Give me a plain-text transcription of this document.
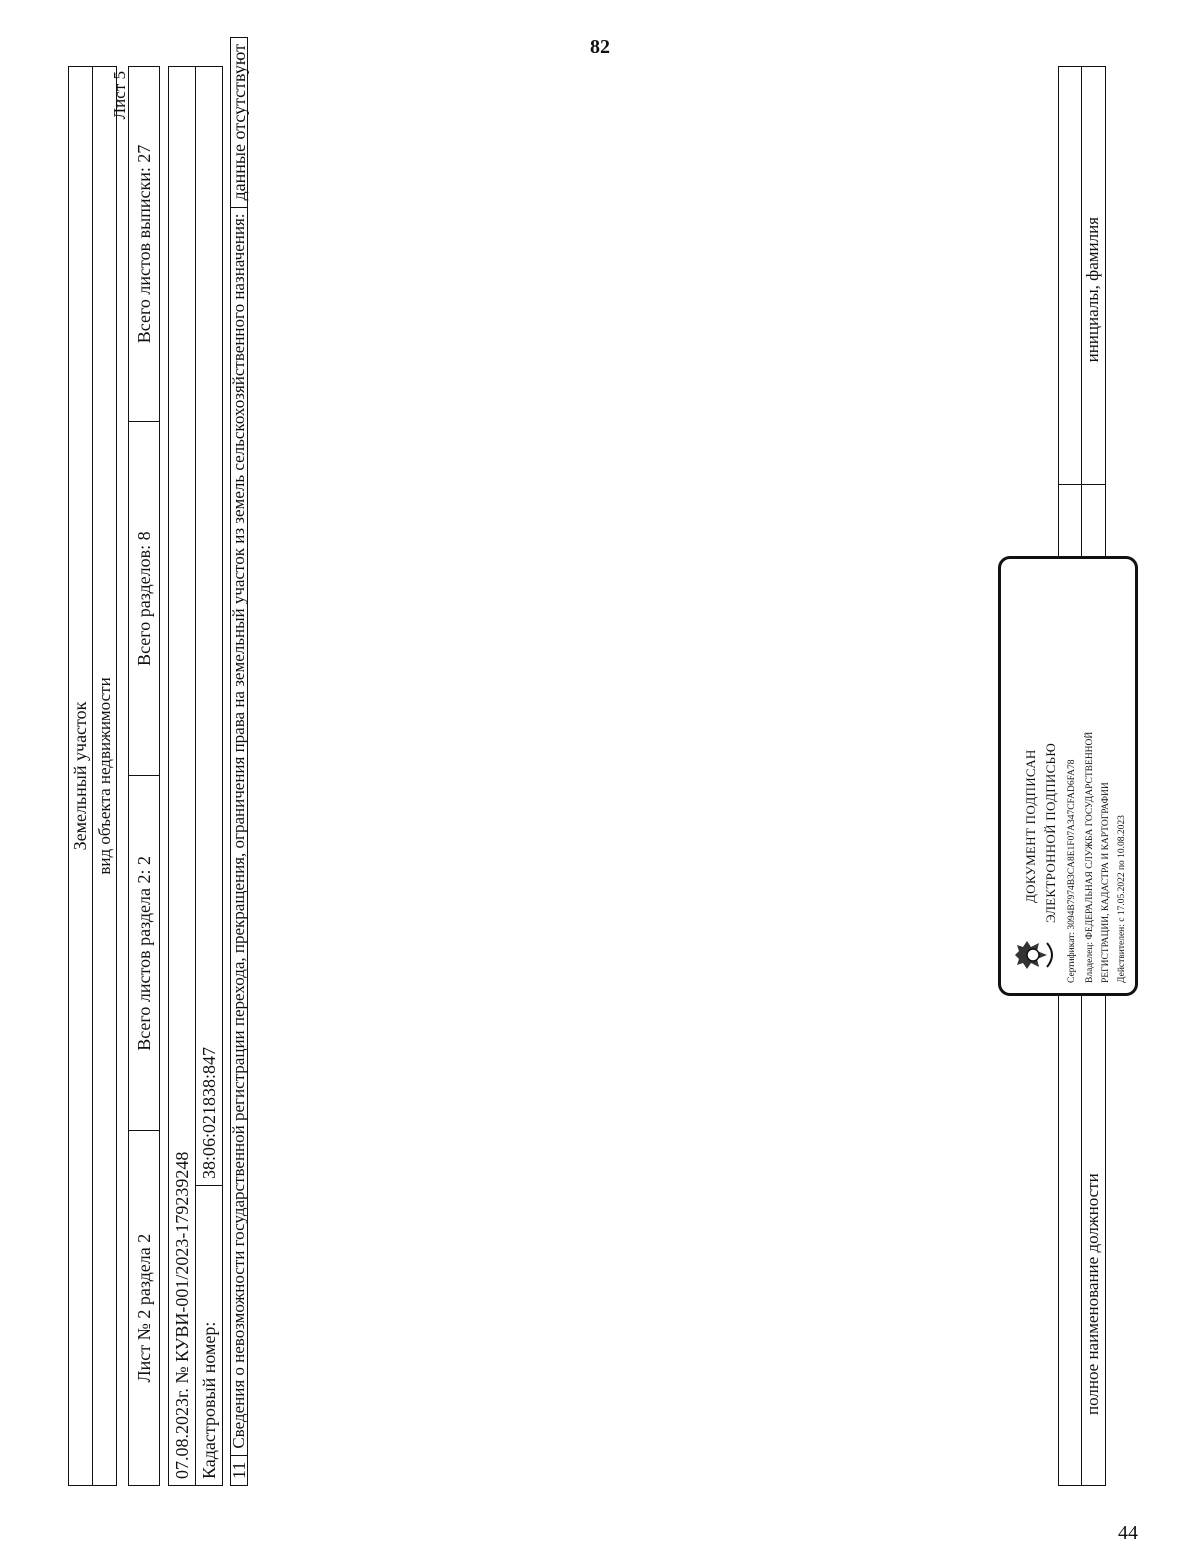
82
44
Лист 5
Земельный участок
вид объекта недвижимости
Лист № 2 раздела 2	Всего листов раздела 2: 2	Всего разделов: 8	Всего листов выписки: 27
07.08.2023г. № КУВИ-001/2023-179239248
Кадастровый номер:	38:06:021838:847
11	Сведения о невозможности государственной регистрации перехода, прекращения, ограничения права на земельный участок из земель сельскохозяйственного назначения:	данные отсутствуют
полное наименование должности
инициалы, фамилия
ДОКУМЕНТ ПОДПИСАН ЭЛЕКТРОННОЙ ПОДПИСЬЮ Сертификат: 3094B7974B3CA8E1F07A347CFAD6FA78 Владелец: ФЕДЕРАЛЬНАЯ СЛУЖБА ГОСУДАРСТВЕННОЙ РЕГИСТРАЦИИ, КАДАСТРА И КАРТОГРАФИИ Действителен: с 17.05.2022 по 10.08.2023
